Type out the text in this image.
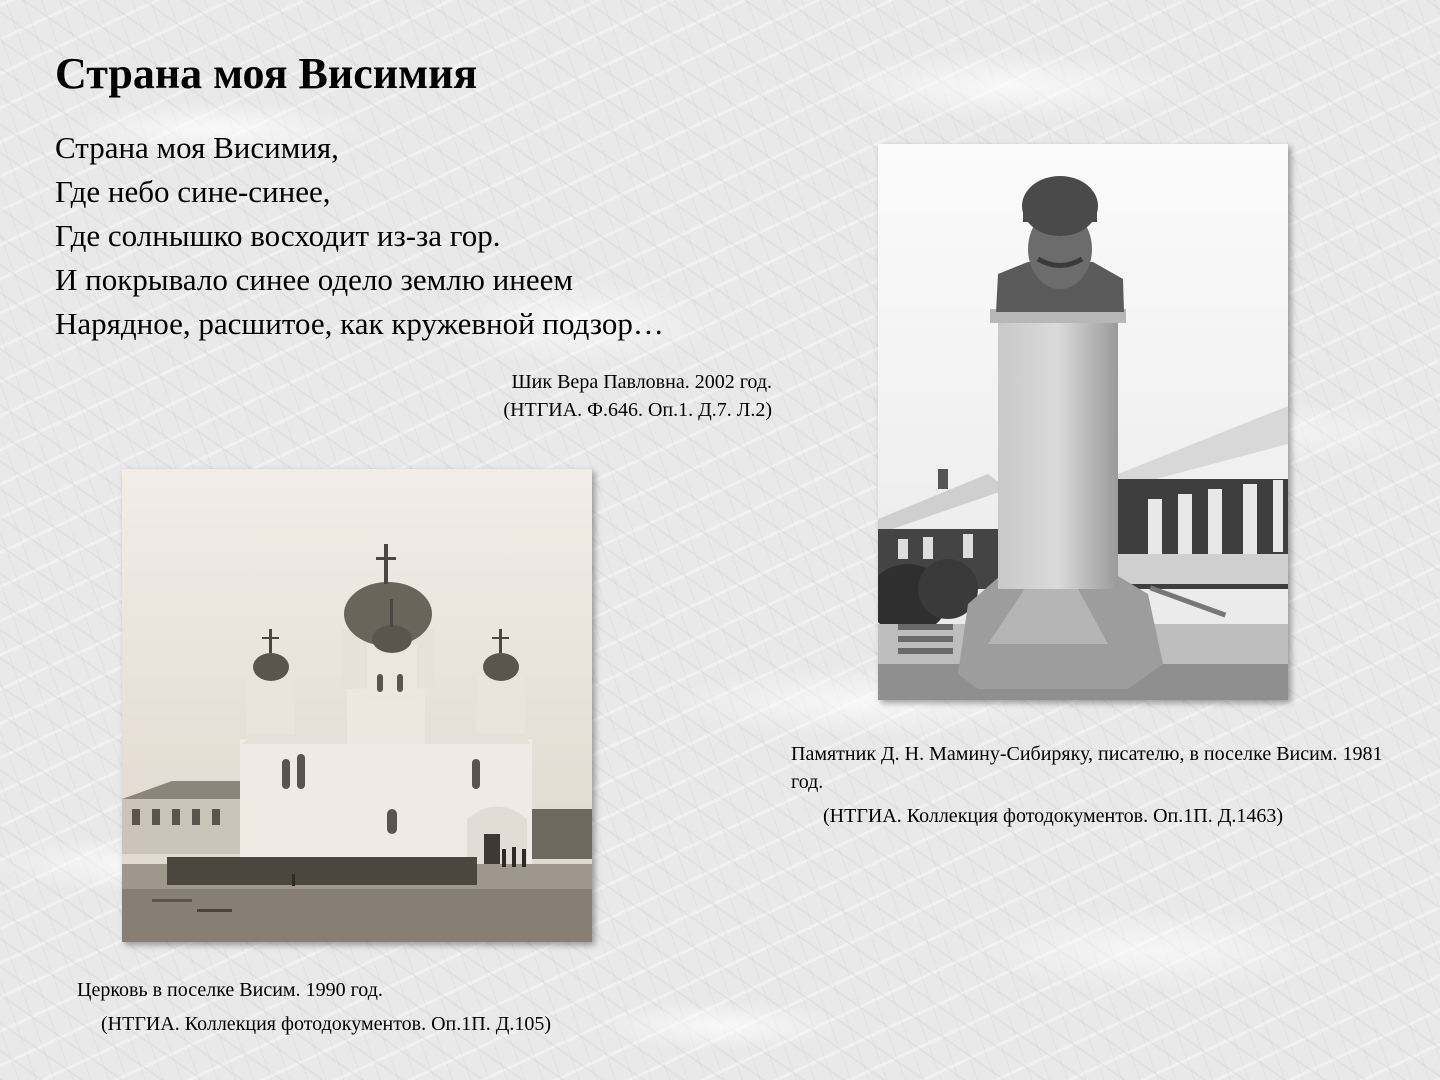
Страна моя Висимия
Страна моя Висимия,
Где небо сине-синее,
Где солнышко восходит из-за гор.
И покрывало синее одело землю инеем
Нарядное, расшитое, как кружевной подзор…
Шик Вера Павловна. 2002 год.
(НТГИА. Ф.646. Оп.1. Д.7. Л.2)
Памятник Д. Н. Мамину-Сибиряку, писателю, в поселке Висим. 1981 год.
(НТГИА. Коллекция фотодокументов. Оп.1П. Д.1463)
Церковь в поселке Висим. 1990 год.
(НТГИА. Коллекция фотодокументов. Оп.1П. Д.105)
